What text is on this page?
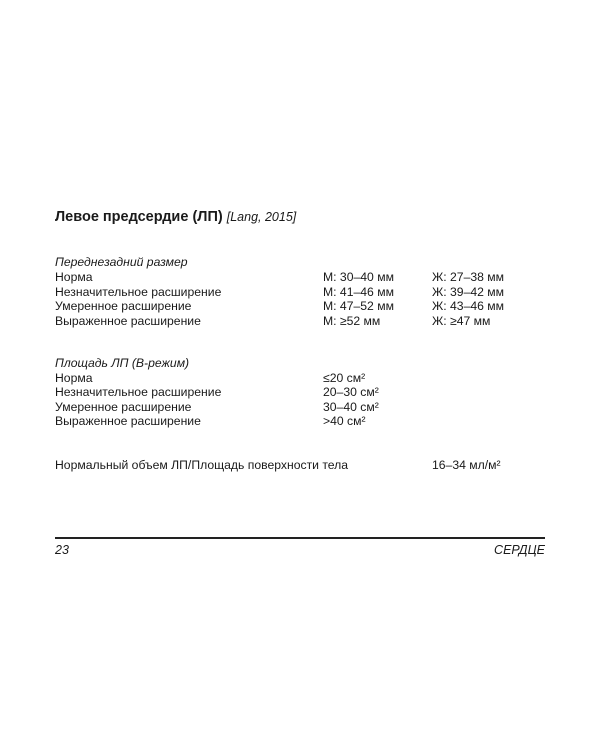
Левое предсердие (ЛП) [Lang, 2015]
Переднезадний размер
Норма	М: 30–40 мм	Ж: 27–38 мм
Незначительное расширение	М: 41–46 мм	Ж: 39–42 мм
Умеренное расширение	М: 47–52 мм	Ж: 43–46 мм
Выраженное расширение	М: ≥52 мм	Ж: ≥47 мм
Площадь ЛП (В-режим)
Норма	≤20 см²
Незначительное расширение	20–30 см²
Умеренное расширение	30–40 см²
Выраженное расширение	>40 см²
Нормальный объем ЛП/Площадь поверхности тела	16–34 мл/м²
23	СЕРДЦЕ
